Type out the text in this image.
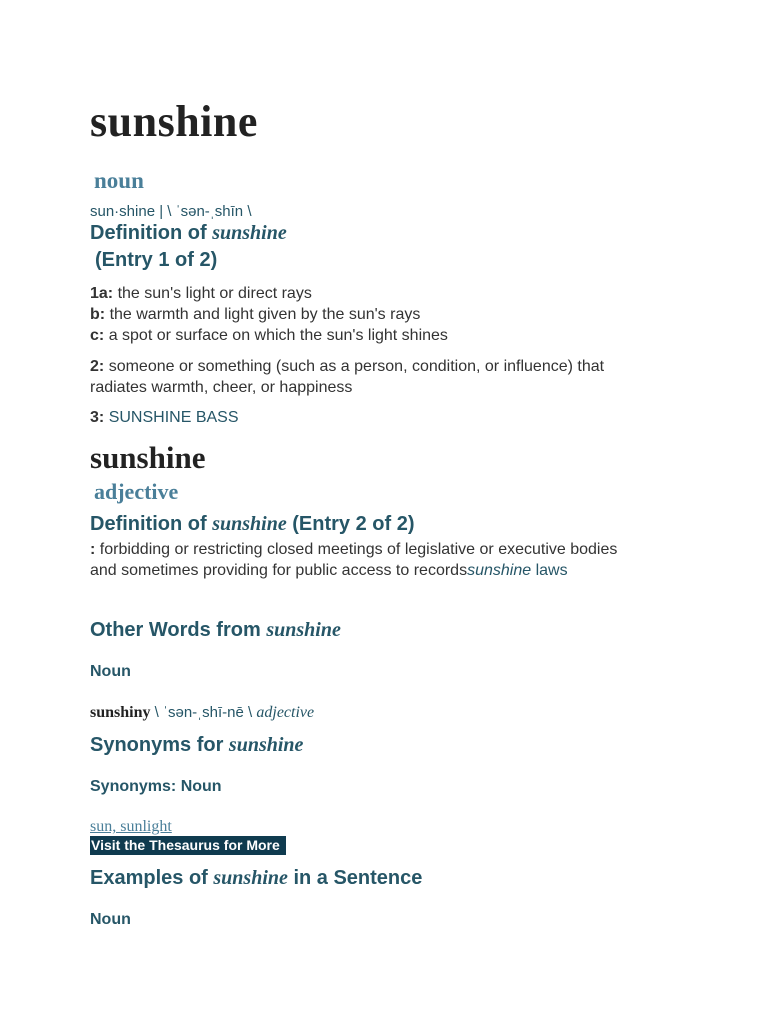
sunshine
noun
sun·shine | \ ˈsən-ˌshīn \
Definition of sunshine
(Entry 1 of 2)
1a: the sun's light or direct rays
b: the warmth and light given by the sun's rays
c: a spot or surface on which the sun's light shines
2: someone or something (such as a person, condition, or influence) that
radiates warmth, cheer, or happiness
3: SUNSHINE BASS
sunshine
adjective
Definition of sunshine (Entry 2 of 2)
: forbidding or restricting closed meetings of legislative or executive bodies
and sometimes providing for public access to recordssunshine laws
Other Words from sunshine
Noun
sunshiny \ ˈsən-ˌshī-nē \ adjective
Synonyms for sunshine
Synonyms: Noun
sun, sunlight
Visit the Thesaurus for More
Examples of sunshine in a Sentence
Noun
